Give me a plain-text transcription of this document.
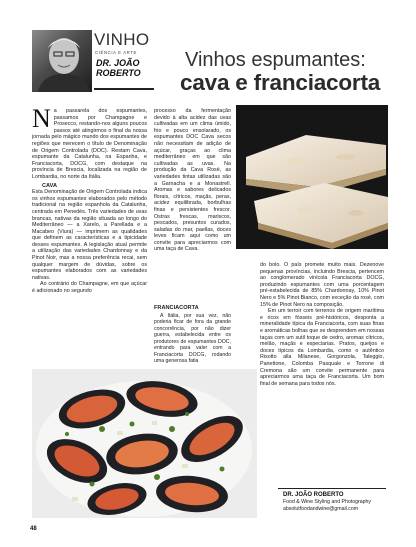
VINHO
CIÊNCIA E ARTE
DR. JOÃO
ROBERTO
Vinhos espumantes:
cava e franciacorta

Na passarela dos espumantes, passamos por Champagne e Prosecco, restando-nos alguns poucos passos até atingirmos o final da nossa jornada pelo mágico mundo dos espumantes de regiões que merecem o título de Denominação de Origem Controlada (DOC). Restam Cava, espumante da Catalunha, na Espanha, e Franciacorta, DOCG, com destaque na província de Brescia, localizada na região de Lombardia, no norte da Itália.

CAVA

Esta Denominação de Origem Controlada indica os vinhos espumantes elaborados pelo método tradicional na região espanhola da Catalunha, centrada em Penedès. Três variedades de uvas brancas, nativas da região situada ao longo do Mediterrâneo — a Xarelo, a Parellada e a Macabeo (Viura) — imprimem as qualidades que definem as características e a tipicidade desses espumantes. A legislação atual permite a utilização das variedades Chardonnay e da Pinot Noir, mas a nossa preferência recai, sem qualquer margem de dúvidas, sobre os espumantes elaborados com as variedades nativas.

Ao contrário do Champagne, em que açúcar é adicionado no segundo

processo da fermentação devido à alta acidez das uvas cultivadas em um clima úmido, frio e pouco ensolarado, os espumantes DOC Cava secos não necessitam de adição de açúcar, graças ao clima mediterrâneo em que são cultivadas as uvas. Na produção da Cava Rosé, as variedades tintas utilizadas são a Garnacha e a Monastrell. Aromas e sabores delicados florais, cítricos, maçãs, peras, acidez equilibrada, borbulhas finas e persistentes frescor. Ostras frescas, mariscos, pescados, presuntos curados, saladas do mar, paellas, doces leves ficam aqui como um convite para apreciarmos com uma taça de Cava.

FRANCIACORTA

A Itália, por sua vez, não poderia ficar de fora da grande concorrência, por não dizer guerra, estabelecida entre os produtores de espumantes DOC, entrando para valer com a Franciacorta DOCG, rodando uma generosa fatia

do bolo. O país promete muito mais. Dezenove pequenas províncias, incluindo Brescia, pertencem ao conglomerado vinícola Franciacorta DOCG, produzindo espumantes com uma porcentagem pré-estabelecida de 85% Chardonnay, 10% Pinot Nero e 5% Pinot Bianco, com exceção da rosé, com 15% de Pinot Nero na composição.

Em um terroir com terrenos de origem marítima e ricos em fósseis pré-históricos, desponta a mineralidade típica da Franciacorta, com suas finas e aromáticas bolhas que se desprendem em nossas taças com um sutil toque de cedro, aromas cítricos, melão, maçãs e especiarias. Pratos, queijos e doces típicos da Lombardia, como o autêntico Risotto alla Milanese, Gorgonzola, Taleggio, Panettone, Colomba Pasquale e Torrone di Cremona são um convite permanente para apreciarmos uma taça de Franciacorta. Um bom final de semana para todos nós.

DR. JOÃO ROBERTO
Food & Wine Styling and Photography
absolutfoodandwine@gmail.com
48
